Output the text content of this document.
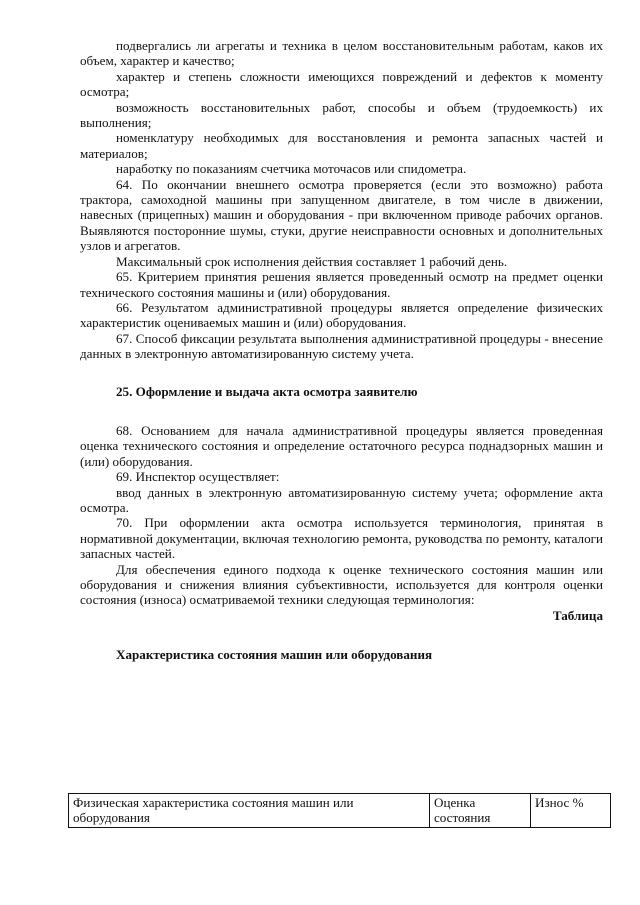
подвергались ли агрегаты и техника в целом восстановительным работам, каков их объем, характер и качество;

характер и степень сложности имеющихся повреждений и дефектов к моменту осмотра;

возможность восстановительных работ, способы и объем (трудоемкость) их выполнения;

номенклатуру необходимых для восстановления и ремонта запасных частей и материалов;

наработку по показаниям счетчика моточасов или спидометра.

64. По окончании внешнего осмотра проверяется (если это возможно) работа трактора, самоходной машины при запущенном двигателе, в том числе в движении, навесных (прицепных) машин и оборудования - при включенном приводе рабочих органов. Выявляются посторонние шумы, стуки, другие неисправности основных и дополнительных узлов и агрегатов.

Максимальный срок исполнения действия составляет 1 рабочий день.

65. Критерием принятия решения является проведенный осмотр на предмет оценки технического состояния машины и (или) оборудования.

66. Результатом административной процедуры является определение физических характеристик оцениваемых машин и (или) оборудования.

67. Способ фиксации результата выполнения административной процедуры - внесение данных в электронную автоматизированную систему учета.

25. Оформление и выдача акта осмотра заявителю

68. Основанием для начала административной процедуры является проведенная оценка технического состояния и определение остаточного ресурса поднадзорных машин и (или) оборудования.

69. Инспектор осуществляет:

ввод данных в электронную автоматизированную систему учета; оформление акта осмотра.

70. При оформлении акта осмотра используется терминология, принятая в нормативной документации, включая технологию ремонта, руководства по ремонту, каталоги запасных частей.

Для обеспечения единого подхода к оценке технического состояния машин или оборудования и снижения влияния субъективности, используется для контроля оценки состояния (износа) осматриваемой техники следующая терминология:

Таблица

Характеристика состояния машин или оборудования

Физическая характеристика состояния машин или оборудования	Оценка состояния	Износ %
